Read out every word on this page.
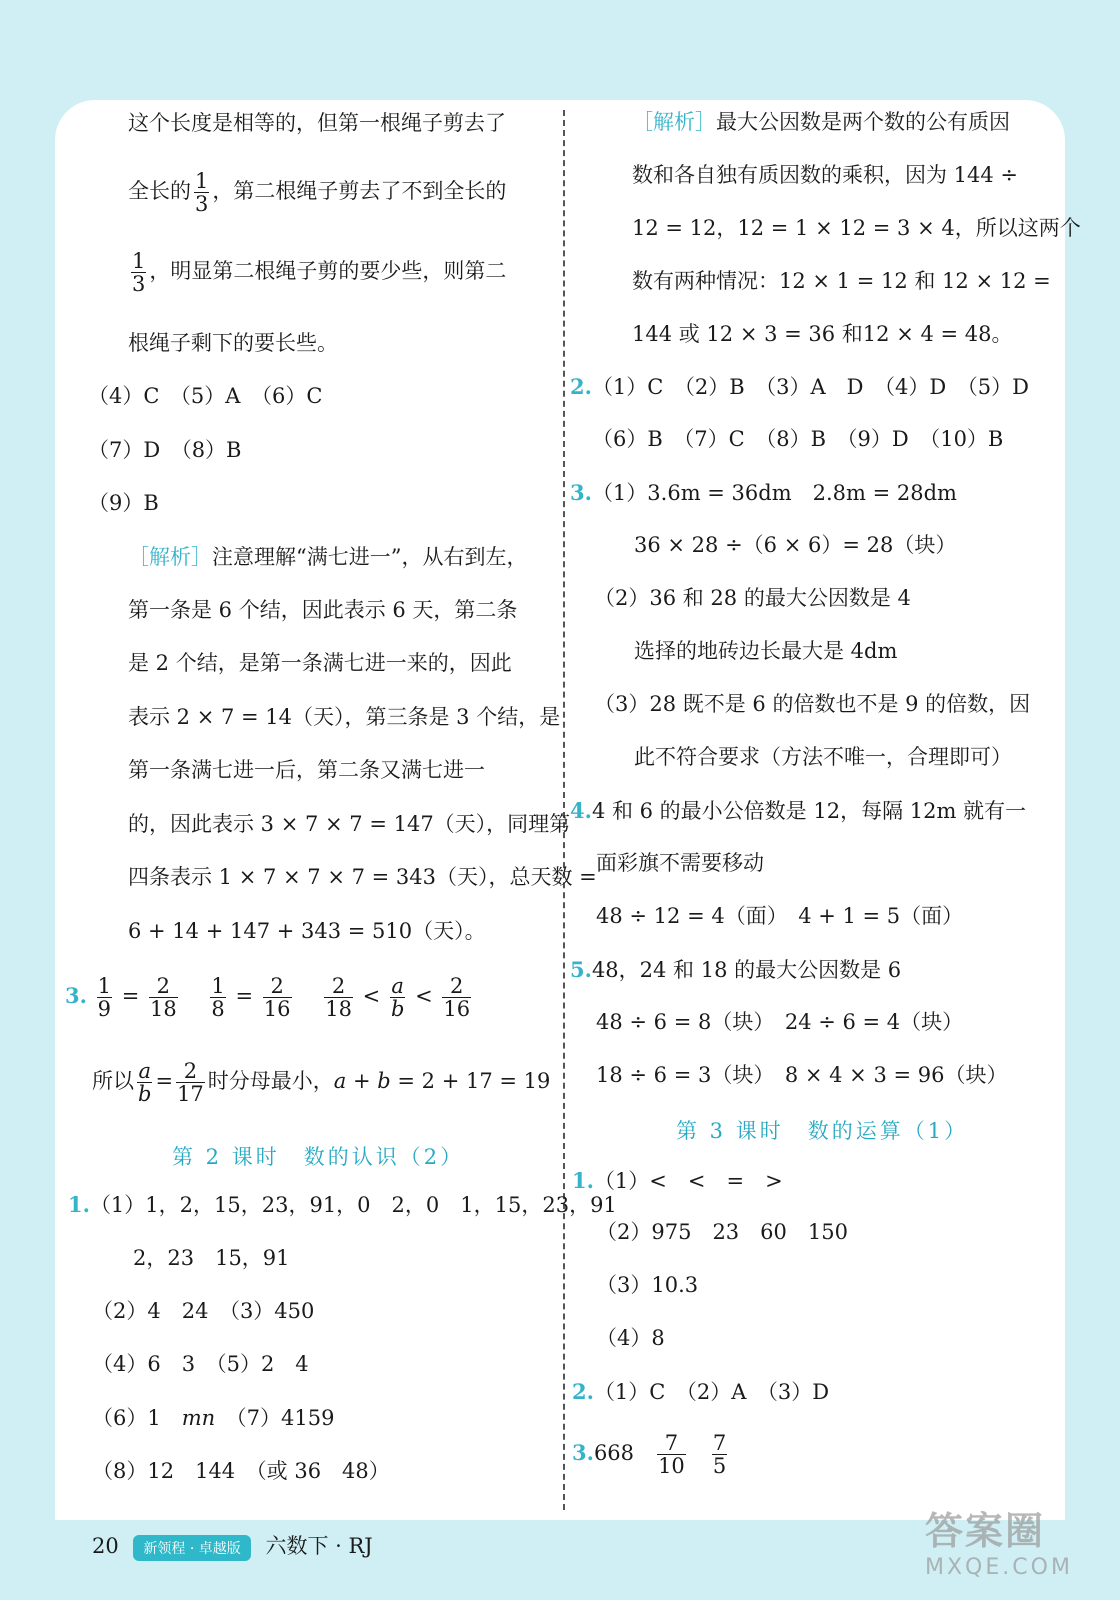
这个长度是相等的，但第一根绳子剪去了
全长的 $\frac{1}{3}$ ，第二根绳子剪去了不到全长的
$\frac{1}{3}$ ，明显第二根绳子剪的要少些，则第二
根绳子剩下的要长些。
（4）C　（5）A　（6）C
（7）D　（8）B
（9）B
［解析］注意理解“满七进一”，从右到左，
第一条是 6 个结，因此表示 6 天，第二条
是 2 个结，是第一条满七进一来的，因此
表示 2 × 7 = 14（天），第三条是 3 个结，是
第一条满七进一后，第二条又满七进一
的，因此表示 3 × 7 × 7 = 147（天），同理第
四条表示 1 × 7 × 7 × 7 = 343（天），总天数 =
6 + 14 + 147 + 343 = 510（天）。
3. $\frac{1}{9} = \frac{2}{18}$
$\frac{1}{8} = \frac{2}{16}$
$\frac{2}{18} < \frac{a}{b} < \frac{2}{16}$
所以 $\frac{a}{b} = \frac{2}{17}$ 时分母最小，a + b = 2 + 17 = 19
第 2 课时　数的认识（2）
1.（1）1，2，15，23，91，0　2，0　1，15，23，91
2，23　15，91
（2）4　24　（3）450
（4）6　3　（5）2　4
（6）1　mn　（7）4159
（8）12　144　（或 36　48）
［解析］最大公因数是两个数的公有质因
数和各自独有质因数的乘积，因为 144 ÷
12 = 12，12 = 1 × 12 = 3 × 4，所以这两个
数有两种情况：12 × 1 = 12 和 12 × 12 =
144 或 12 × 3 = 36 和12 × 4 = 48。
2.（1）C　（2）B　（3）A　D　（4）D　（5）D
（6）B　（7）C　（8）B　（9）D　（10）B
3.（1）3.6m = 36dm　2.8m = 28dm
36 × 28 ÷（6 × 6）= 28（块）
（2）36 和 28 的最大公因数是 4
选择的地砖边长最大是 4dm
（3）28 既不是 6 的倍数也不是 9 的倍数，因
此不符合要求（方法不唯一，合理即可）
4.4 和 6 的最小公倍数是 12，每隔 12m 就有一
面彩旗不需要移动
48 ÷ 12 = 4（面）　4 + 1 = 5（面）
5.48，24 和 18 的最大公因数是 6
48 ÷ 6 = 8（块）　24 ÷ 6 = 4（块）
18 ÷ 6 = 3（块）　8 × 4 × 3 = 96（块）
第 3 课时　数的运算（1）
1.（1）<　<　=　>
（2）975　23　60　150
（3）10.3
（4）8
2.（1）C　（2）A　（3）D
$3.668 \frac{7}{10}$
$\frac{7}{5}$
20 新领程 · 卓越版 六数下 · RJ	答案圈
MXQE.COM
